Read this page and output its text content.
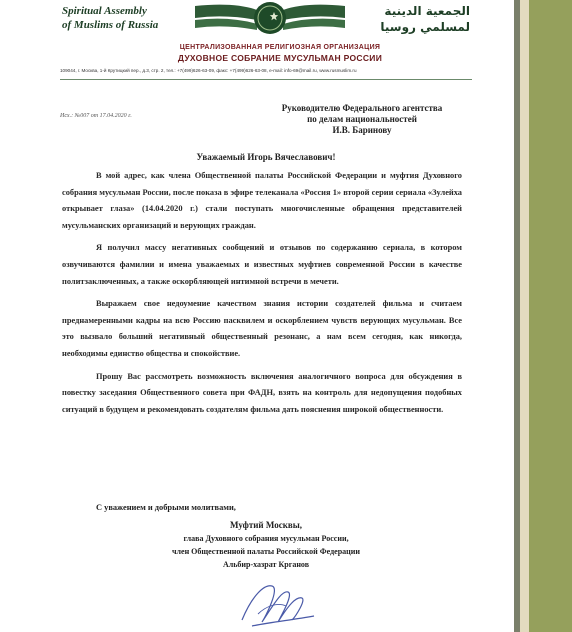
Spiritual Assembly
of Muslims of Russia
الجمعية الدينية
لمسلمي روسيا
ЦЕНТРАЛИЗОВАННАЯ РЕЛИГИОЗНАЯ ОРГАНИЗАЦИЯ
ДУХОВНОЕ СОБРАНИЕ МУСУЛЬМАН РОССИИ
109044, г. Москва, 1-й Крутицкий пер., д.3, стр. 2, тел.: +7(499)626-63-09, факс: +7(499)626-63-08, e-mail: info-69@mail.ru, www.rusmuslim.ru
Исх.: №007 от 17.04.2020 г.
Руководителю Федерального агентства
по делам национальностей
И.В. Баринову
Уважаемый Игорь Вячеславович!

В мой адрес, как члена Общественной палаты Российской Федерации и муфтия Духовного собрания мусульман России, после показа в эфире телеканала «Россия 1» второй серии сериала «Зулейха открывает глаза» (14.04.2020 г.) стали поступать многочисленные обращения представителей мусульманских организаций и верующих граждан.

Я получил массу негативных сообщений и отзывов по содержанию сериала, в котором озвучиваются фамилии и имена уважаемых и известных муфтиев современной России в качестве политзаключенных, а также оскорбляющей интимной встречи в мечети.

Выражаем свое недоумение качеством знания истории создателей фильма и считаем преднамеренными кадры на всю Россию пасквилем и оскорблением чувств верующих мусульман. Все это вызвало больший негативный общественный резонанс, а нам всем сегодня, как никогда, необходимы единство общества и спокойствие.

Прошу Вас рассмотреть возможность включения аналогичного вопроса для обсуждения в повестку заседания Общественного совета при ФАДН, взять на контроль для недопущения подобных ситуаций в будущем и рекомендовать создателям фильма дать пояснения широкой общественности.

С уважением и добрыми молитвами,
Муфтий Москвы,
глава Духовного собрания мусульман России,
член Общественной палаты Российской Федерации
Альбир-хазрат Крганов
